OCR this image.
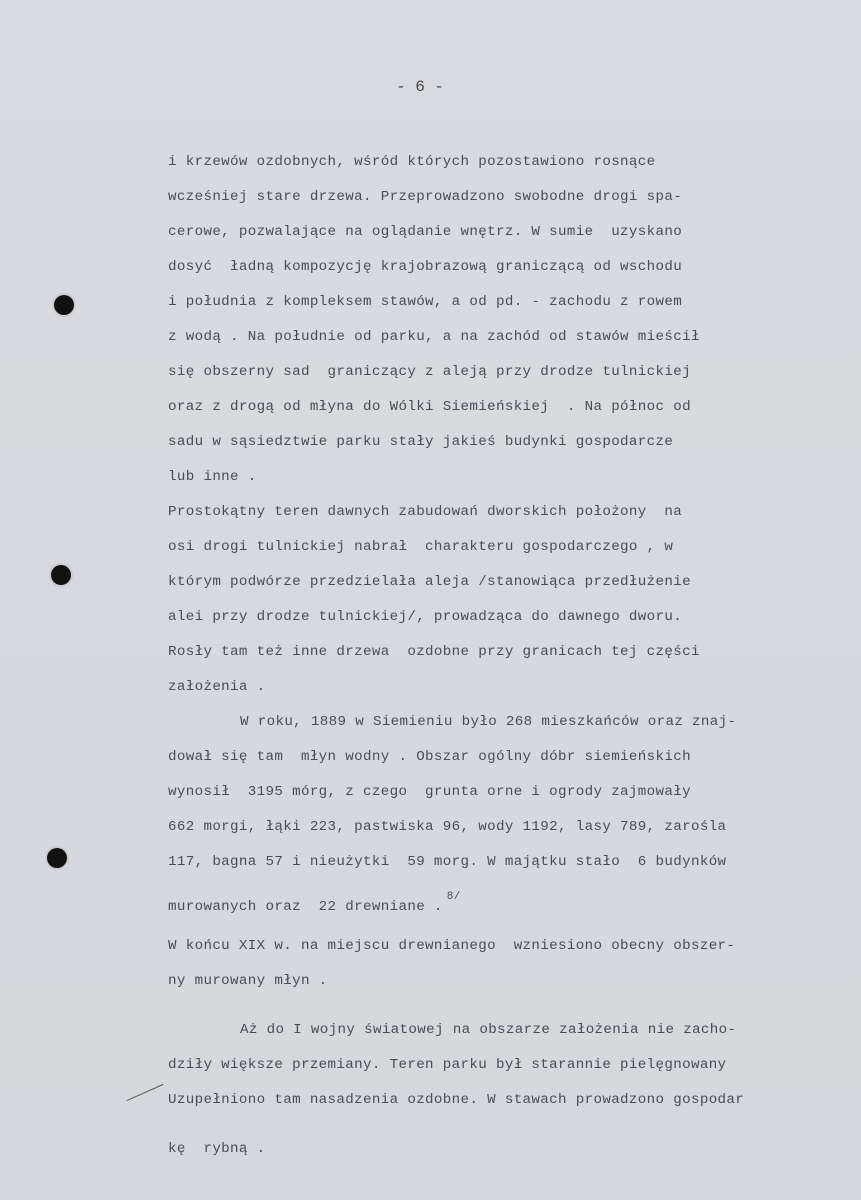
- 6 -
i krzewów ozdobnych, wśród których pozostawiono rosnące
wcześniej stare drzewa. Przeprowadzono swobodne drogi spa-
cerowe, pozwalające na oglądanie wnętrz. W sumie  uzyskano
dosyć  ładną kompozycję krajobrazową graniczącą od wschodu
i południa z kompleksem stawów, a od pd. - zachodu z rowem
z wodą . Na południe od parku, a na zachód od stawów mieścił
się obszerny sad  graniczący z aleją przy drodze tulnickiej
oraz z drogą od młyna do Wólki Siemieńskiej  . Na północ od
sadu w sąsiedztwie parku stały jakieś budynki gospodarcze
lub inne .
Prostokątny teren dawnych zabudowań dworskich położony  na
osi drogi tulnickiej nabrał  charakteru gospodarczego , w
którym podwórze przedzielała aleja /stanowiąca przedłużenie
alei przy drodze tulnickiej/, prowadząca do dawnego dworu.
Rosły tam też inne drzewa  ozdobne przy granicach tej części
założenia .
W roku, 1889 w Siemieniu było 268 mieszkańców oraz znaj-
dował się tam  młyn wodny . Obszar ogólny dóbr siemieńskich
wynosił  3195 mórg, z czego  grunta orne i ogrody zajmowały
662 morgi, łąki 223, pastwiska 96, wody 1192, lasy 789, zarośla
117, bagna 57 i nieużytki  59 morg. W majątku stało  6 budynków
murowanych oraz  22 drewniane .$^{8/}$
W końcu XIX w. na miejscu drewnianego  wzniesiono obecny obszer-
ny murowany młyn .
Aż do I wojny światowej na obszarze założenia nie zacho-
dziły większe przemiany. Teren parku był starannie pielęgnowany
Uzupełniono tam nasadzenia ozdobne. W stawach prowadzono gospodar
kę  rybną .
